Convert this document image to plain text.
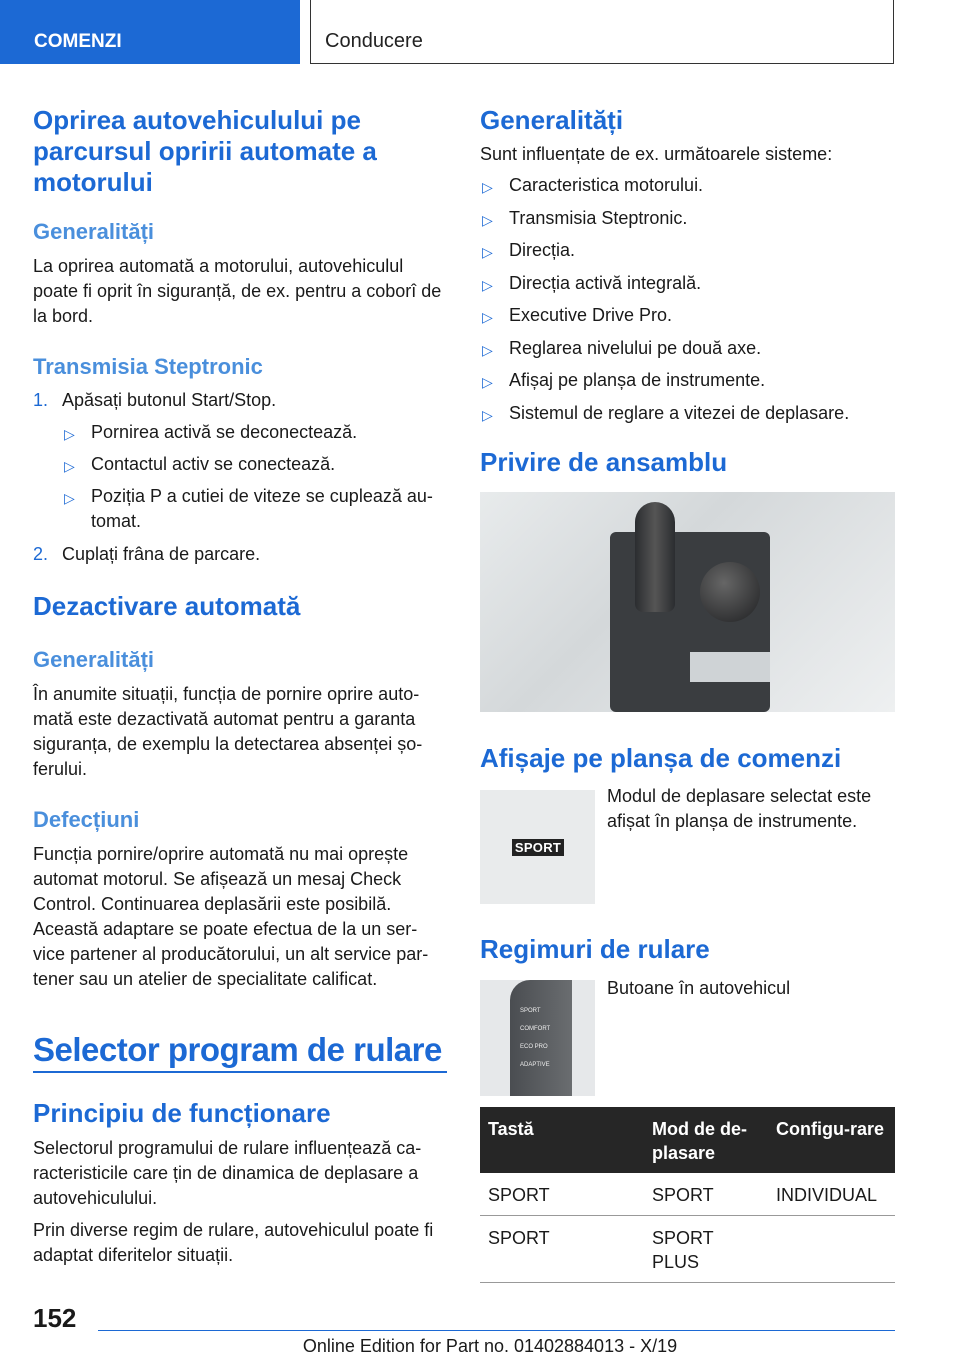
COMENZI	Conducere
Oprirea autovehiculului pe parcursul opririi automate a motorului
Generalități
La oprirea automată a motorului, autovehiculul poate fi oprit în siguranță, de ex. pentru a coborî de la bord.
Transmisia Steptronic
1. Apăsați butonul Start/Stop.
▷ Pornirea activă se deconectează.
▷ Contactul activ se conectează.
▷ Poziția P a cutiei de viteze se cuplează au-tomat.
2. Cuplați frâna de parcare.
Dezactivare automată
Generalități
În anumite situații, funcția de pornire oprire auto-mată este dezactivată automat pentru a garanta siguranța, de exemplu la detectarea absenței șo-ferului.
Defecțiuni
Funcția pornire/oprire automată nu mai oprește automat motorul. Se afișează un mesaj Check Control. Continuarea deplasării este posibilă. Această adaptare se poate efectua de la un ser-vice partener al producătorului, un alt service par-tener sau un atelier de specialitate calificat.
Selector program de rulare
Principiu de funcționare
Selectorul programului de rulare influențează ca-racteristicile care țin de dinamica de deplasare a autovehiculului.
Prin diverse regim de rulare, autovehiculul poate fi adaptat diferitelor situații.
Generalități
Sunt influențate de ex. următoarele sisteme:
▷ Caracteristica motorului.
▷ Transmisia Steptronic.
▷ Direcția.
▷ Direcția activă integrală.
▷ Executive Drive Pro.
▷ Reglarea nivelului pe două axe.
▷ Afișaj pe planșa de instrumente.
▷ Sistemul de reglare a vitezei de deplasare.
Privire de ansamblu
Afișaje pe planșa de comenzi
SPORT
Modul de deplasare selectat este afișat în planșa de instrumente.
Regimuri de rulare
SPORT
COMFORT
ECO PRO
ADAPTIVE
Butoane în autovehicul
Tastă	Mod de de-plasare	Configu-rare
SPORT	SPORT	INDIVIDUAL
SPORT	SPORT PLUS	
152
Online Edition for Part no. 01402884013 - X/19
